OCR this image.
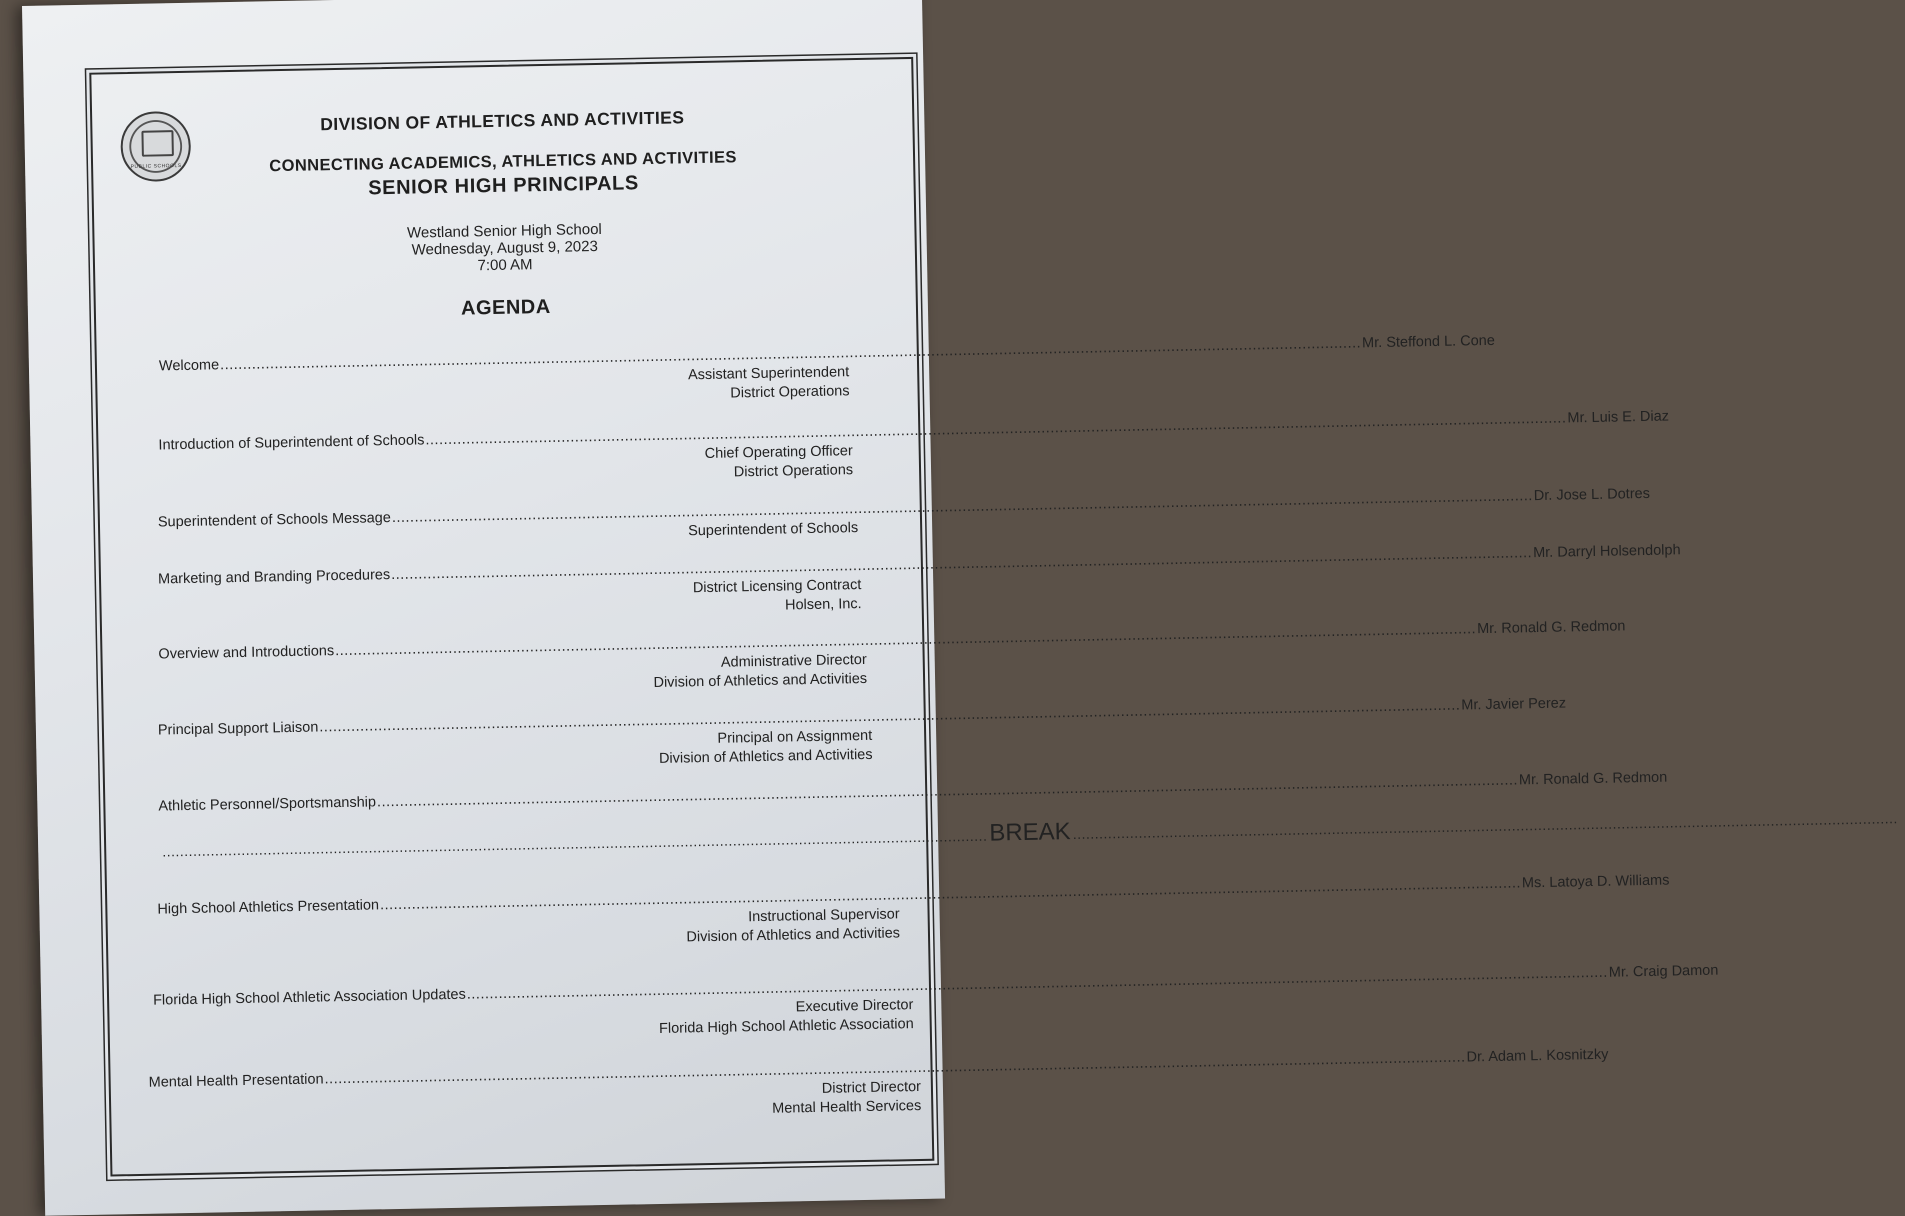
PUBLIC SCHOOLS
DIVISION OF ATHLETICS AND ACTIVITIES
CONNECTING ACADEMICS, ATHLETICS AND ACTIVITIES
SENIOR HIGH PRINCIPALS
Westland Senior High School
Wednesday, August 9, 2023
7:00 AM
AGENDA
Welcome
.....
Mr. Steffond L. Cone
Assistant Superintendent
District Operations
Introduction of Superintendent of Schools
.....
Mr. Luis E. Diaz
Chief Operating Officer
District Operations
Superintendent of Schools Message
.....
Dr. Jose L. Dotres
Superintendent of Schools
Marketing and Branding Procedures
.....
Mr. Darryl Holsendolph
District Licensing Contract
Holsen, Inc.
Overview and Introductions
.....
Mr. Ronald G. Redmon
Administrative Director
Division of Athletics and Activities
Principal Support Liaison
.....
Mr. Javier Perez
Principal on Assignment
Division of Athletics and Activities
Athletic Personnel/Sportsmanship
.....
Mr. Ronald G. Redmon
.....
BREAK
.....
High School Athletics Presentation
.....
Ms. Latoya D. Williams
Instructional Supervisor
Division of Athletics and Activities
Florida High School Athletic Association Updates
.....
Mr. Craig Damon
Executive Director
Florida High School Athletic Association
Mental Health Presentation
.....
Dr. Adam L. Kosnitzky
District Director
Mental Health Services
